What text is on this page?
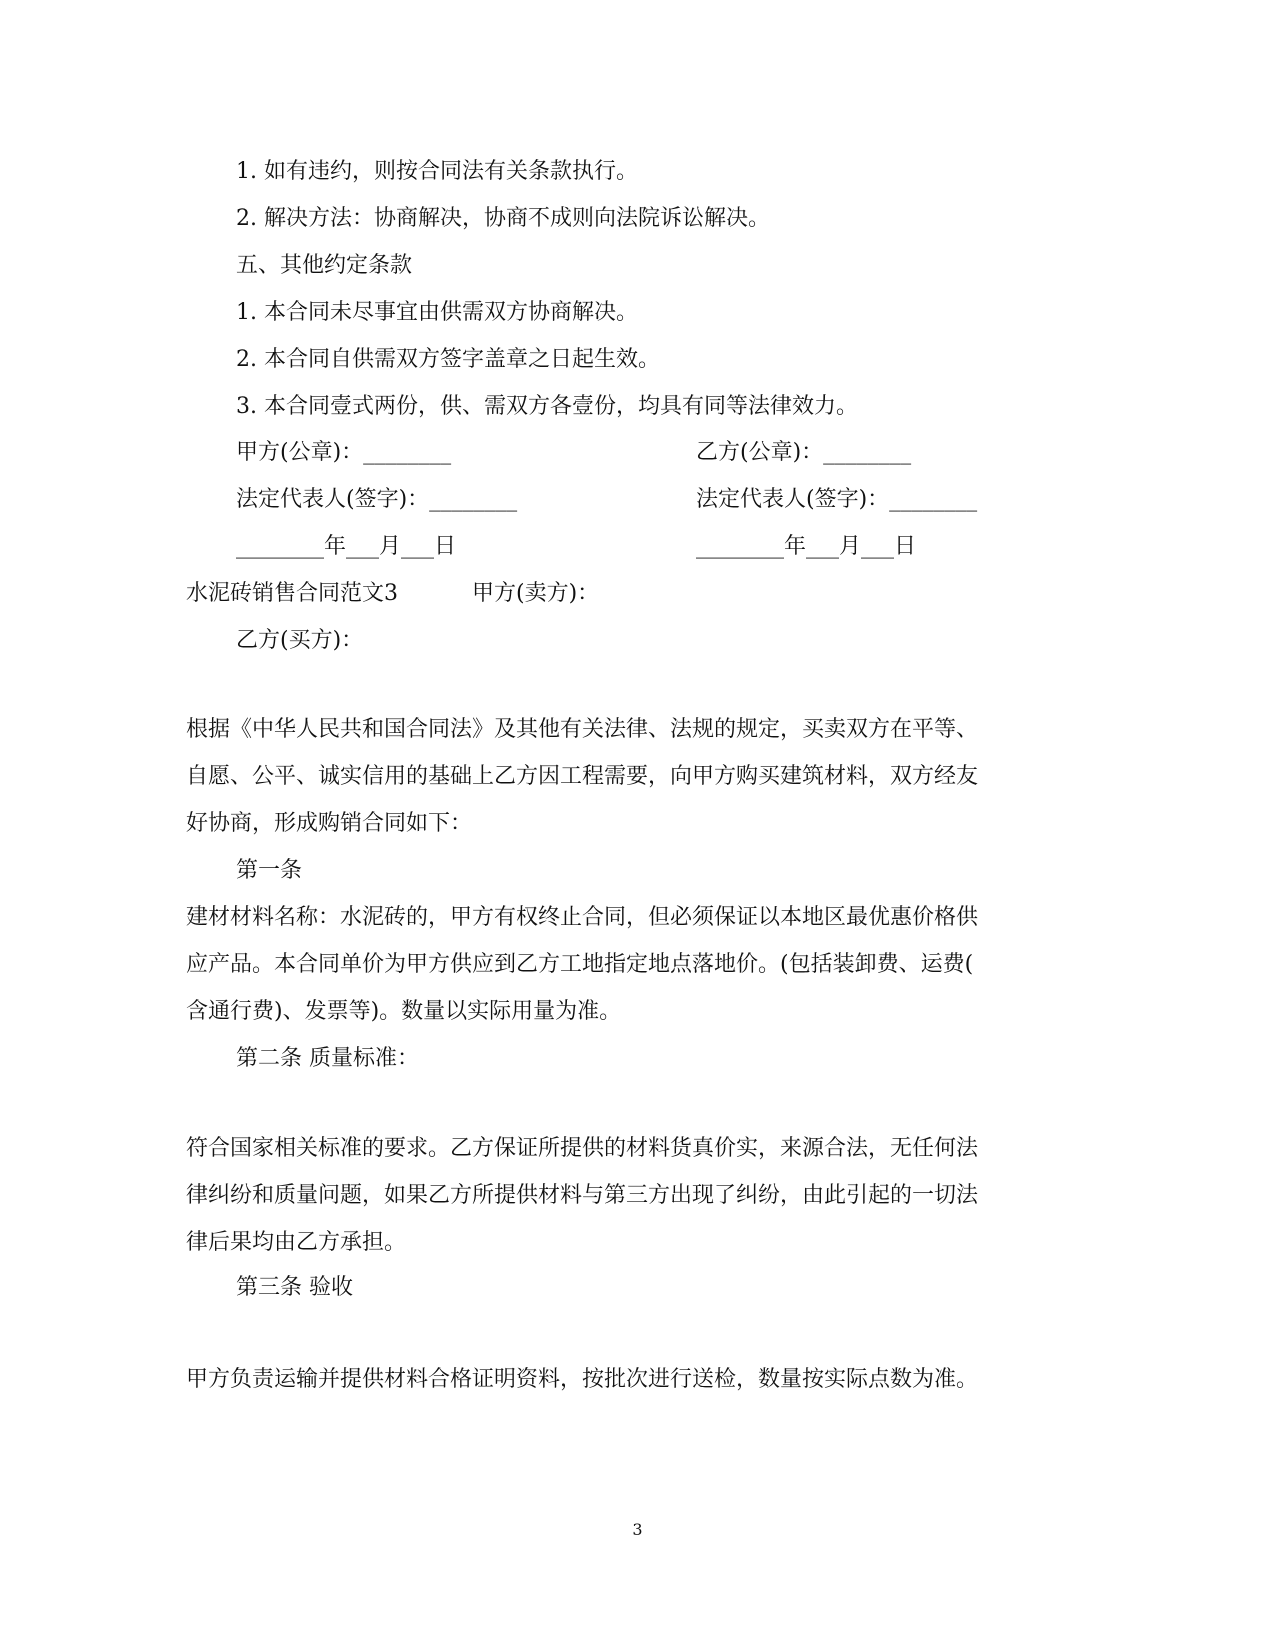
1. 如有违约，则按合同法有关条款执行。
2. 解决方法：协商解决，协商不成则向法院诉讼解决。
五、其他约定条款
1. 本合同未尽事宜由供需双方协商解决。
2. 本合同自供需双方签字盖章之日起生效。
3. 本合同壹式两份，供、需双方各壹份，均具有同等法律效力。
甲方(公章)：________	乙方(公章)：________
法定代表人(签字)：________	法定代表人(签字)：________
________年___月___日	________年___月___日
水泥砖销售合同范文3	甲方(卖方)：
乙方(买方)：
根据《中华人民共和国合同法》及其他有关法律、法规的规定，买卖双方在平等、
自愿、公平、诚实信用的基础上乙方因工程需要，向甲方购买建筑材料，双方经友
好协商，形成购销合同如下：
第一条
建材材料名称：水泥砖的，甲方有权终止合同，但必须保证以本地区最优惠价格供
应产品。本合同单价为甲方供应到乙方工地指定地点落地价。(包括装卸费、运费(
含通行费)、发票等)。数量以实际用量为准。
第二条 质量标准：
符合国家相关标准的要求。乙方保证所提供的材料货真价实，来源合法，无任何法
律纠纷和质量问题，如果乙方所提供材料与第三方出现了纠纷，由此引起的一切法
律后果均由乙方承担。
第三条 验收
甲方负责运输并提供材料合格证明资料，按批次进行送检，数量按实际点数为准。
3
